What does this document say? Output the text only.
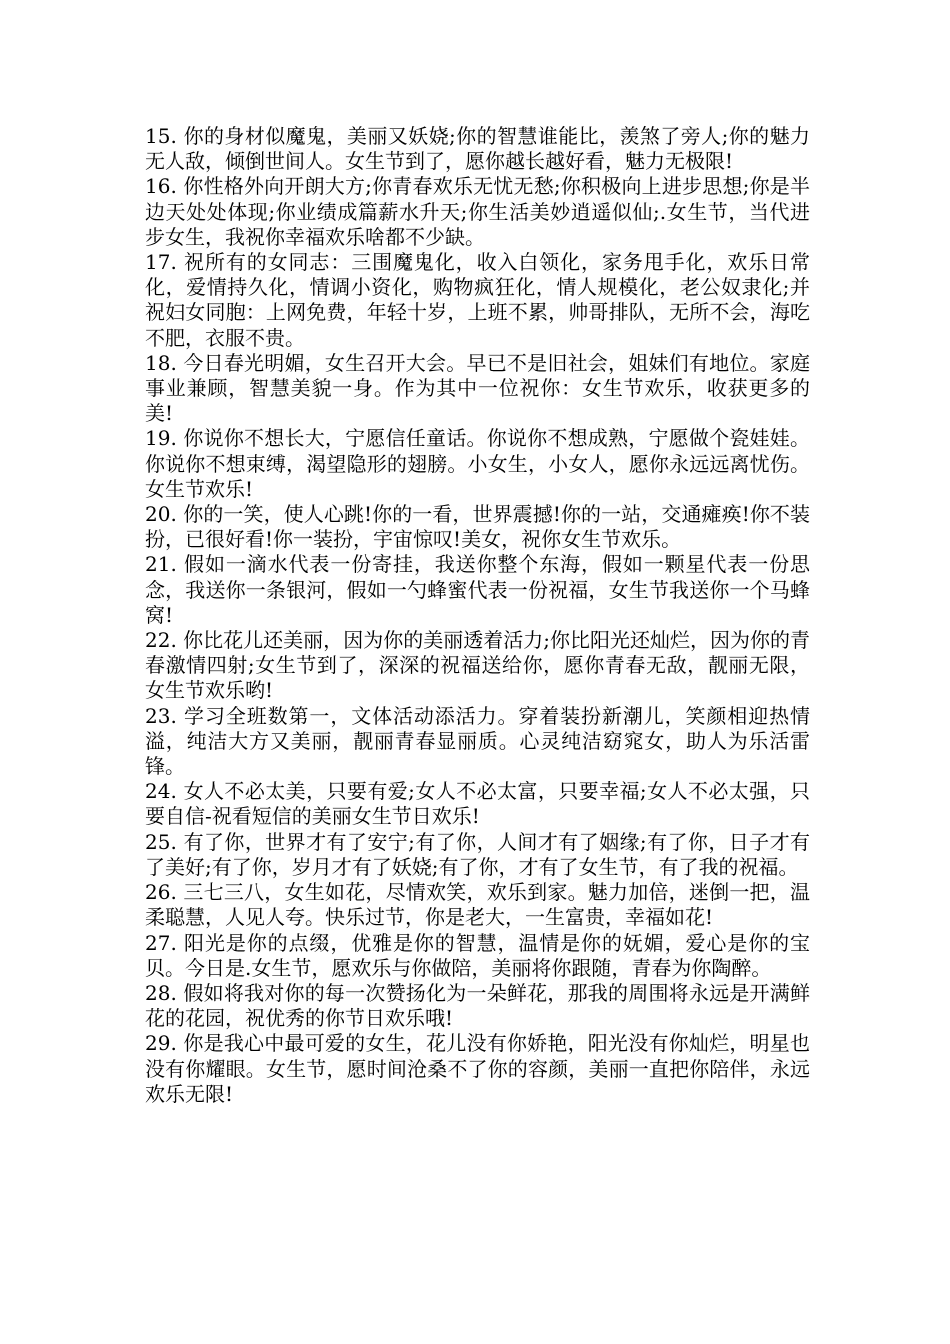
15. 你的身材似魔鬼，美丽又妖娆;你的智慧谁能比，羡煞了旁人;你的魅力无人敌，倾倒世间人。女生节到了，愿你越长越好看，魅力无极限!

16. 你性格外向开朗大方;你青春欢乐无忧无愁;你积极向上进步思想;你是半边天处处体现;你业绩成篇薪水升天;你生活美妙逍遥似仙;.女生节，当代进步女生，我祝你幸福欢乐啥都不少缺。

17. 祝所有的女同志：三围魔鬼化，收入白领化，家务甩手化，欢乐日常化，爱情持久化，情调小资化，购物疯狂化，情人规模化，老公奴隶化;并祝妇女同胞：上网免费，年轻十岁，上班不累，帅哥排队，无所不会，海吃不肥，衣服不贵。

18. 今日春光明媚，女生召开大会。早已不是旧社会，姐妹们有地位。家庭事业兼顾，智慧美貌一身。作为其中一位祝你：女生节欢乐，收获更多的美!

19. 你说你不想长大，宁愿信任童话。你说你不想成熟，宁愿做个瓷娃娃。你说你不想束缚，渴望隐形的翅膀。小女生，小女人，愿你永远远离忧伤。女生节欢乐!

20. 你的一笑，使人心跳!你的一看，世界震撼!你的一站，交通瘫痪!你不装扮，已很好看!你一装扮，宇宙惊叹!美女，祝你女生节欢乐。

21. 假如一滴水代表一份寄挂，我送你整个东海，假如一颗星代表一份思念，我送你一条银河，假如一勺蜂蜜代表一份祝福，女生节我送你一个马蜂窝!

22. 你比花儿还美丽，因为你的美丽透着活力;你比阳光还灿烂，因为你的青春激情四射;女生节到了，深深的祝福送给你，愿你青春无敌，靓丽无限，女生节欢乐哟!

23. 学习全班数第一，文体活动添活力。穿着装扮新潮儿，笑颜相迎热情溢，纯洁大方又美丽，靓丽青春显丽质。心灵纯洁窈窕女，助人为乐活雷锋。

24. 女人不必太美，只要有爱;女人不必太富，只要幸福;女人不必太强，只要自信-祝看短信的美丽女生节日欢乐!

25. 有了你，世界才有了安宁;有了你，人间才有了姻缘;有了你，日子才有了美好;有了你，岁月才有了妖娆;有了你，才有了女生节，有了我的祝福。

26. 三七三八，女生如花，尽情欢笑，欢乐到家。魅力加倍，迷倒一把，温柔聪慧，人见人夸。快乐过节，你是老大，一生富贵，幸福如花!

27. 阳光是你的点缀，优雅是你的智慧，温情是你的妩媚，爱心是你的宝贝。今日是.女生节，愿欢乐与你做陪，美丽将你跟随，青春为你陶醉。

28. 假如将我对你的每一次赞扬化为一朵鲜花，那我的周围将永远是开满鲜花的花园，祝优秀的你节日欢乐哦!

29. 你是我心中最可爱的女生，花儿没有你娇艳，阳光没有你灿烂，明星也没有你耀眼。女生节，愿时间沧桑不了你的容颜，美丽一直把你陪伴，永远欢乐无限!
